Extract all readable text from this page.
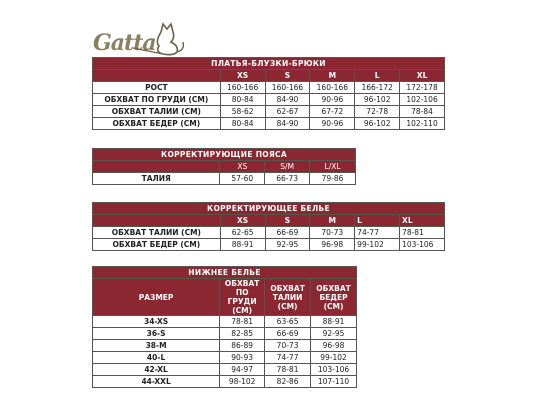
Gatta
ПЛАТЬЯ-БЛУЗКИ-БРЮКИ					
	XS	S	M	L	XL
РОСТ	160-166	160-166	160-166	166-172	172-178
ОБХВАТ ПО ГРУДИ (СМ)	80-84	84-90	90-96	96-102	102-106
ОБХВАТ ТАЛИИ (СМ)	58-62	62-67	67-72	72-78	78-84
ОБХВАТ БЕДЕР (СМ)	80-84	84-90	90-96	96-102	102-110
КОРРЕКТИРУЮЩИЕ ПОЯСА			
	XS	S/M	L/XL
ТАЛИЯ	57-60	66-73	79-86
КОРРЕКТИРУЮЩЕЕ БЕЛЬЕ					
	XS	S	M	L	XL
ОБХВАТ ТАЛИИ (СМ)	62-65	66-69	70-73	74-77	78-81
ОБХВАТ БЕДЕР (СМ)	88-91	92-95	96-98	99-102	103-106
НИЖНЕЕ БЕЛЬЕ			
РАЗМЕР	ОБХВАТ ПО ГРУДИ (СМ)	ОБХВАТ ТАЛИИ (СМ)	ОБХВАТ БЕДЕР (СМ)
34-XS	78-81	63-65	88-91
36-S	82-85	66-69	92-95
38-M	86-89	70-73	96-98
40-L	90-93	74-77	99-102
42-XL	94-97	78-81	103-106
44-XXL	98-102	82-86	107-110
